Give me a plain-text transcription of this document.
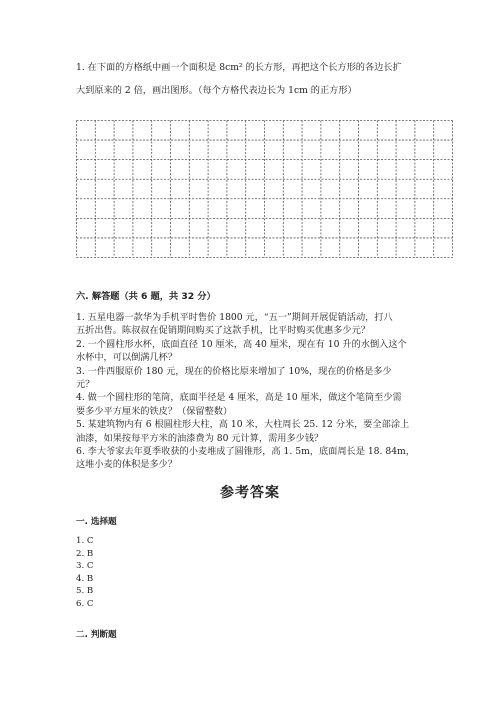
1. 在下面的方格纸中画一个面积是 8cm² 的长方形，再把这个长方形的各边长扩
大到原来的 2 倍，画出图形。（每个方格代表边长为 1cm 的正方形）
六. 解答题（共 6 题，共 32 分）
1. 五星电器一款华为手机平时售价 1800 元，“五一”期间开展促销活动，打八
五折出售。陈叔叔在促销期间购买了这款手机，比平时购买优惠多少元？
2. 一个圆柱形水杯，底面直径 10 厘米，高 40 厘米，现在有 10 升的水倒入这个
水杯中，可以倒满几杯？
3. 一件西服原价 180 元，现在的价格比原来增加了 10%，现在的价格是多少
元？
4. 做一个圆柱形的笔筒，底面半径是 4 厘米，高是 10 厘米，做这个笔筒至少需
要多少平方厘米的铁皮？（保留整数）
5. 某建筑物内有 6 根圆柱形大柱，高 10 米，大柱周长 25. 12 分米，要全部涂上
油漆，如果按每平方米的油漆费为 80 元计算，需用多少钱？
6. 李大爷家去年夏季收获的小麦堆成了圆锥形，高 1. 5m，底面周长是 18. 84m，
这堆小麦的体积是多少？
参考答案
一. 选择题
1. C
2. B
3. C
4. B
5. B
6. C
二. 判断题
